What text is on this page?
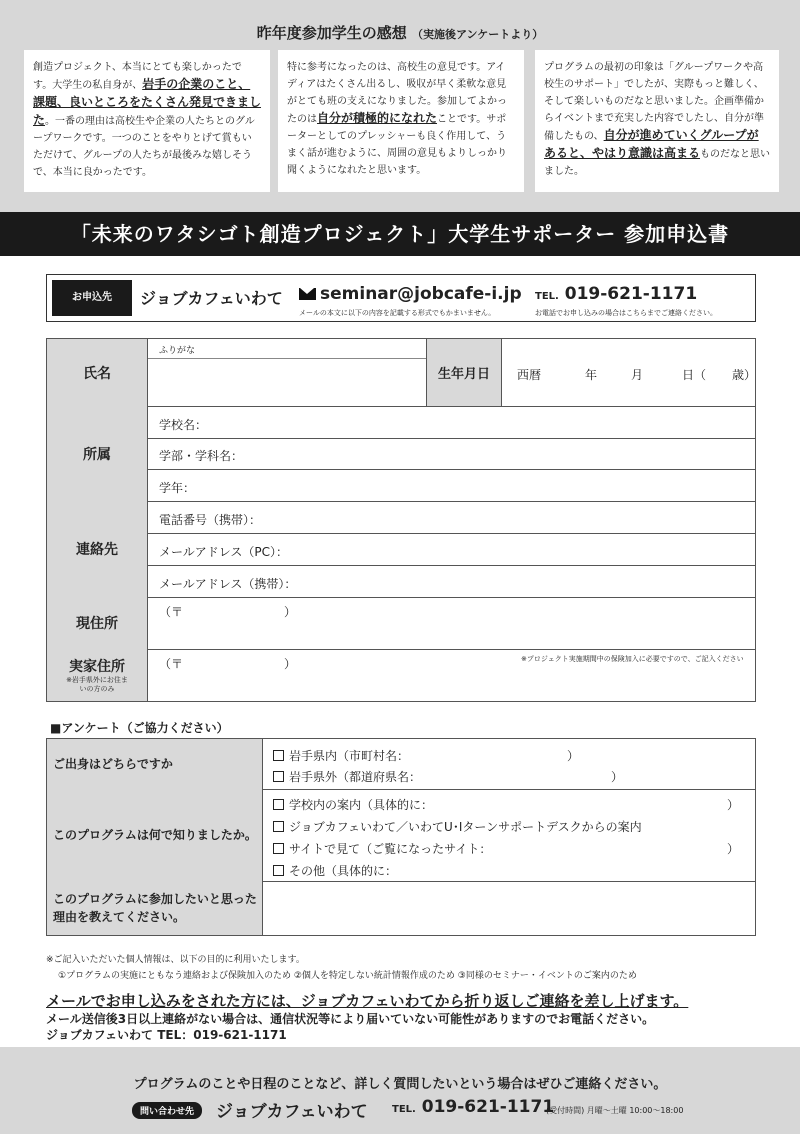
昨年度参加学生の感想 （実施後アンケートより）
創造プロジェクト、本当にとても楽しかったです。大学生の私自身が、岩手の企業のこと、課題、良いところをたくさん発見できました。一番の理由は高校生や企業の人たちとのグループワークです。一つのことをやりとげて賞もいただけて、グループの人たちが最後みな嬉しそうで、本当に良かったです。
特に参考になったのは、高校生の意見です。アイディアはたくさん出るし、吸収が早く柔軟な意見がとても班の支えになりました。参加してよかったのは自分が積極的になれたことです。サポーターとしてのプレッシャーも良く作用して、うまく話が進むように、周囲の意見もよりしっかり聞くようになれたと思います。
プログラムの最初の印象は「グループワークや高校生のサポート」でしたが、実際もっと難しく、そして楽しいものだなと思いました。企画準備からイベントまで充実した内容でしたし、自分が準備したもの、自分が進めていくグループがあると、やはり意識は高まるものだなと思いました。
「未来のワタシゴト創造プロジェクト」大学生サポーター 参加申込書
お申込先	ジョブカフェいわて seminar@jobcafe-i.jp TEL. 019-621-1171
メールの本文に以下の内容を記載する形式でもかまいません。	お電話でお申し込みの場合はこちらまでご連絡ください。
氏名
ふりがな
生年月日	西暦	年	月	日（ 歳）
所属
学校名：
学部・学科名：
学年：
連絡先
電話番号（携帯）：
メールアドレス（PC）：
メールアドレス（携帯）：
現住所
（〒	）
実家住所
※岩手県外にお住まいの方のみ
（〒	）	※プロジェクト実施期間中の保険加入に必要ですので、ご記入ください
■アンケート（ご協力ください）
ご出身はどちらですか
岩手県内（市町村名：	）
岩手県外（都道府県名：	）
このプログラムは何で知りましたか。
学校内の案内（具体的に：	）
ジョブカフェいわて／いわてU･Iターンサポートデスクからの案内
サイトで見て（ご覧になったサイト：	）
その他（具体的に：
このプログラムに参加したいと思った理由を教えてください。
※ご記入いただいた個人情報は、以下の目的に利用いたします。
①プログラムの実施にともなう連絡および保険加入のため ②個人を特定しない統計情報作成のため ③同様のセミナー・イベントのご案内のため
メールでお申し込みをされた方には、ジョブカフェいわてから折り返しご連絡を差し上げます。
メール送信後3日以上連絡がない場合は、通信状況等により届いていない可能性がありますのでお電話ください。
ジョブカフェいわて TEL：019-621-1171
プログラムのことや日程のことなど、詳しく質問したいという場合はぜひご連絡ください。
問い合わせ先	ジョブカフェいわて TEL. 019-621-1171
(受付時間) 月曜～土曜 10:00～18:00
